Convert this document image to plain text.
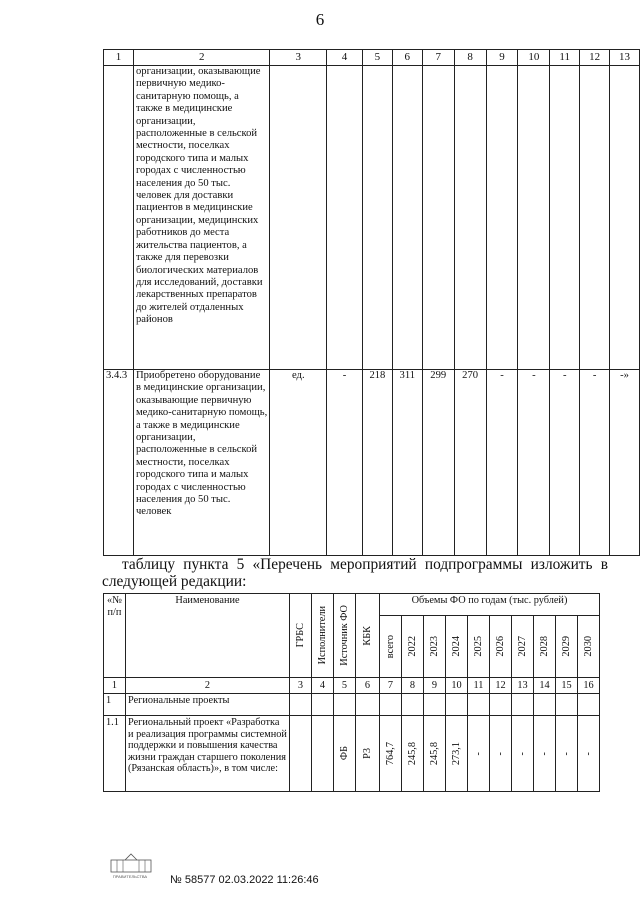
6
1	2	3	4	5	6	7	8	9	10	11	12	13
	организации, оказывающие первичную медико-санитарную помощь, а также в медицинские организации, расположенные в сельской местности, поселках городского типа и малых городах с численностью населения до 50 тыс. человек для доставки пациентов в медицинские организации, медицинских работников до места жительства пациентов, а также для перевозки биологических материалов для исследований, доставки лекарственных препаратов до жителей отдаленных районов											
3.4.3	Приобретено оборудование в медицинские организации, оказывающие первичную медико-санитарную помощь, а также в медицинские организации, расположенные в сельской местности, поселках городского типа и малых городах с численностью населения до 50 тыс. человек	ед.	-	218	311	299	270	-	-	-	-	-»
таблицу пункта 5 «Перечень мероприятий подпрограммы изложить в
следующей редакции:
«№ п/п	Наименование	ГРБС	Исполнители	Источник ФО	КБК	Объемы ФО по годам (тыс. рублей)									

						всего	2022	2023	2024	2025	2026	2027	2028	2029	2030

1	2	3	4	5	6	7	8	9	10	11	12	13	14	15	16
1	Региональные проекты														
1.1	Региональный проект «Разработка и реализация программы системной поддержки и повышения качества жизни граждан старшего поколения (Рязанская область)», в том числе:			ФБ	Р3	764,7	245,8	245,8	273,1	-	-	-	-	-	-
ПРАВИТЕЛЬСТВА № 58577 02.03.2022 11:26:46
